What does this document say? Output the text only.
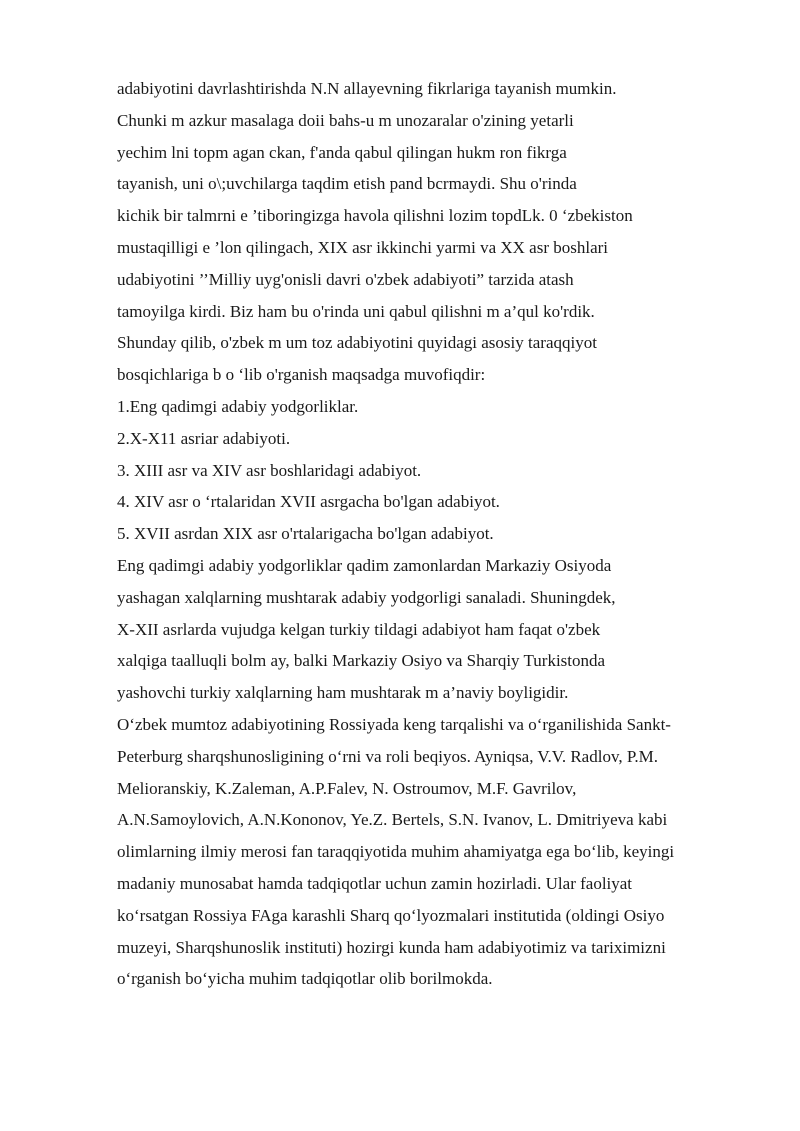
adabiyotini davrlashtirishda N.N allayevning fikrlariga tayanish mumkin.
Chunki m azkur masalaga doii bahs-u m unozaralar o'zining yetarli
yechim lni topm agan ckan, f'anda qabul qilingan hukm ron fikrga
tayanish, uni o\;uvchilarga taqdim etish pand bcrmaydi. Shu o'rinda
kichik bir talmrni e ’tiboringizga havola qilishni lozim topdLk. 0 ‘zbekiston
mustaqilligi e ’lon qilingach, XIX asr ikkinchi yarmi va XX asr boshlari
udabiyotini ’’Milliy uyg'onisli davri o'zbek adabiyoti” tarzida atash
tamoyilga kirdi. Biz ham bu o'rinda uni qabul qilishni m a’qul ko'rdik.
Shunday qilib, o'zbek m um toz adabiyotini quyidagi asosiy taraqqiyot
bosqichlariga b o ‘lib o'rganish maqsadga muvofiqdir:
1.Eng qadimgi adabiy yodgorliklar.
2.X-X11 asriar adabiyoti.
3. XIII asr va XIV asr boshlaridagi adabiyot.
4. XIV asr o ‘rtalaridan XVII asrgacha bo'lgan adabiyot.
5. XVII asrdan XIX asr o'rtalarigacha bo'lgan adabiyot.
Eng qadimgi adabiy yodgorliklar qadim zamonlardan Markaziy Osiyoda
yashagan xalqlarning mushtarak adabiy yodgorligi sanaladi. Shuningdek,
X-XII asrlarda vujudga kelgan turkiy tildagi adabiyot ham faqat o'zbek
xalqiga taalluqli bolm ay, balki Markaziy Osiyo va Sharqiy Turkistonda
yashovchi turkiy xalqlarning ham mushtarak m a’naviy boyligidir.
O‘zbek mumtoz adabiyotining Rossiyada keng tarqalishi va o‘rganilishida Sankt-
Peterburg sharqshunosligining o‘rni va roli beqiyos. Ayniqsa, V.V. Radlov, P.M.
Melioranskiy, K.Zaleman, A.P.Falev, N. Ostroumov, M.F. Gavrilov,
A.N.Samoylovich, A.N.Kononov, Ye.Z. Bertels, S.N. Ivanov, L. Dmitriyeva kabi
olimlarning ilmiy merosi fan taraqqiyotida muhim ahamiyatga ega bo‘lib, keyingi
madaniy munosabat hamda tadqiqotlar uchun zamin hozirladi. Ular faoliyat
ko‘rsatgan Rossiya FAga karashli Sharq qo‘lyozmalari institutida (oldingi Osiyo
muzeyi, Sharqshunoslik instituti) hozirgi kunda ham adabiyotimiz va tariximizni
o‘rganish bo‘yicha muhim tadqiqotlar olib borilmokda.
